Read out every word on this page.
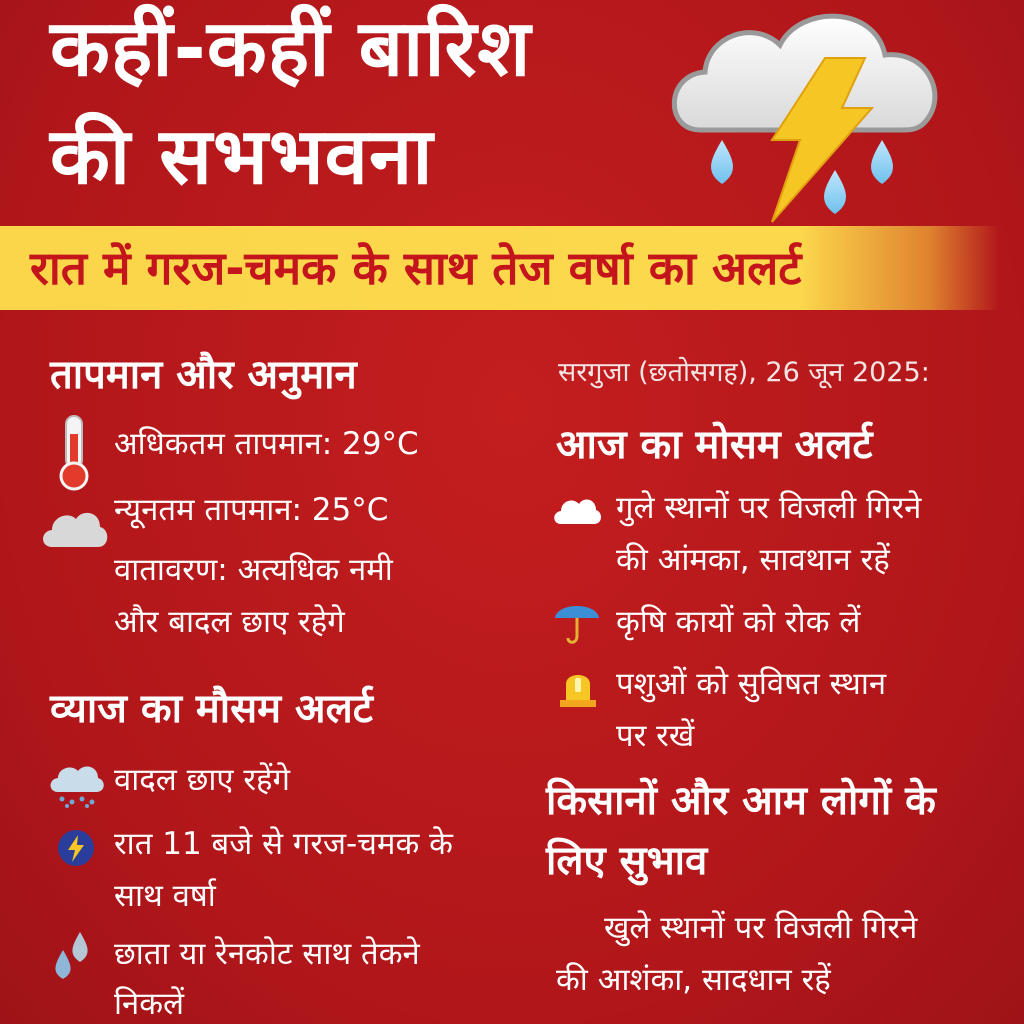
कहीं-कहीं बारिश
की सभभवना
रात में गरज-चमक के साथ तेज वर्षा का अलर्ट
तापमान और अनुमान
अधिकतम तापमान: 29°C
न्यूनतम तापमान: 25°C
वातावरण: अत्यधिक नमी
और बादल छाए रहेगे
व्याज का मौसम अलर्ट
वादल छाए रहेंगे
रात 11 बजे से गरज-चमक के
साथ वर्षा
छाता या रेनकोट साथ तेकने
निकलें
सरगुजा (छतोसगह), 26 जून 2025:
आज का मोसम अलर्ट
गुले स्थानों पर विजली गिरने
की आंमका, सावथान रहें
कृषि कायों को रोक लें
पशुओं को सुविषत स्थान
पर रखें
किसानों और आम लोगों के
लिए सुभाव
खुले स्थानों पर विजली गिरने
की आशंका, सादधान रहें
